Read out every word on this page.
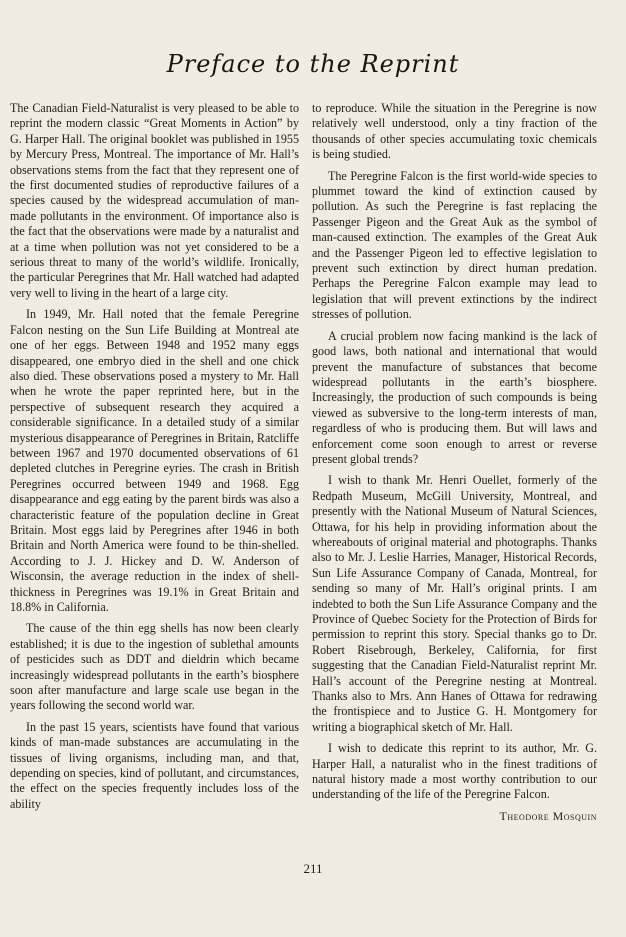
Preface to the Reprint

The Canadian Field-Naturalist is very pleased to be able to reprint the modern classic “Great Moments in Action” by G. Harper Hall. The original booklet was published in 1955 by Mercury Press, Montreal. The importance of Mr. Hall’s observations stems from the fact that they represent one of the first documented studies of reproductive failures of a species caused by the widespread accumulation of man-made pollutants in the environment. Of importance also is the fact that the observations were made by a naturalist and at a time when pollution was not yet considered to be a serious threat to many of the world’s wildlife. Ironically, the particular Peregrines that Mr. Hall watched had adapted very well to living in the heart of a large city.

In 1949, Mr. Hall noted that the female Peregrine Falcon nesting on the Sun Life Building at Montreal ate one of her eggs. Between 1948 and 1952 many eggs disappeared, one embryo died in the shell and one chick also died. These observations posed a mystery to Mr. Hall when he wrote the paper reprinted here, but in the perspective of subsequent research they acquired a considerable significance. In a detailed study of a similar mysterious disappearance of Peregrines in Britain, Ratcliffe between 1967 and 1970 documented observations of 61 depleted clutches in Peregrine eyries. The crash in British Peregrines occurred between 1949 and 1968. Egg disappearance and egg eating by the parent birds was also a characteristic feature of the population decline in Great Britain. Most eggs laid by Peregrines after 1946 in both Britain and North America were found to be thin-shelled. According to J. J. Hickey and D. W. Anderson of Wisconsin, the average reduction in the index of shell-thickness in Peregrines was 19.1% in Great Britain and 18.8% in California.

The cause of the thin egg shells has now been clearly established; it is due to the ingestion of sublethal amounts of pesticides such as DDT and dieldrin which became increasingly widespread pollutants in the earth’s biosphere soon after manufacture and large scale use began in the years following the second world war.

In the past 15 years, scientists have found that various kinds of man-made substances are accumulating in the tissues of living organisms, including man, and that, depending on species, kind of pollutant, and circumstances, the effect on the species frequently includes loss of the ability

to reproduce. While the situation in the Peregrine is now relatively well understood, only a tiny fraction of the thousands of other species accumulating toxic chemicals is being studied.

The Peregrine Falcon is the first world-wide species to plummet toward the kind of extinction caused by pollution. As such the Peregrine is fast replacing the Passenger Pigeon and the Great Auk as the symbol of man-caused extinction. The examples of the Great Auk and the Passenger Pigeon led to effective legislation to prevent such extinction by direct human predation. Perhaps the Peregrine Falcon example may lead to legislation that will prevent extinctions by the indirect stresses of pollution.

A crucial problem now facing mankind is the lack of good laws, both national and international that would prevent the manufacture of substances that become widespread pollutants in the earth’s biosphere. Increasingly, the production of such compounds is being viewed as subversive to the long-term interests of man, regardless of who is producing them. But will laws and enforcement come soon enough to arrest or reverse present global trends?

I wish to thank Mr. Henri Ouellet, formerly of the Redpath Museum, McGill University, Montreal, and presently with the National Museum of Natural Sciences, Ottawa, for his help in providing information about the whereabouts of original material and photographs. Thanks also to Mr. J. Leslie Harries, Manager, Historical Records, Sun Life Assurance Company of Canada, Montreal, for sending so many of Mr. Hall’s original prints. I am indebted to both the Sun Life Assurance Company and the Province of Quebec Society for the Protection of Birds for permission to reprint this story. Special thanks go to Dr. Robert Risebrough, Berkeley, California, for first suggesting that the Canadian Field-Naturalist reprint Mr. Hall’s account of the Peregrine nesting at Montreal. Thanks also to Mrs. Ann Hanes of Ottawa for redrawing the frontispiece and to Justice G. H. Montgomery for writing a biographical sketch of Mr. Hall.

I wish to dedicate this reprint to its author, Mr. G. Harper Hall, a naturalist who in the finest traditions of natural history made a most worthy contribution to our understanding of the life of the Peregrine Falcon.

Theodore Mosquin
211
